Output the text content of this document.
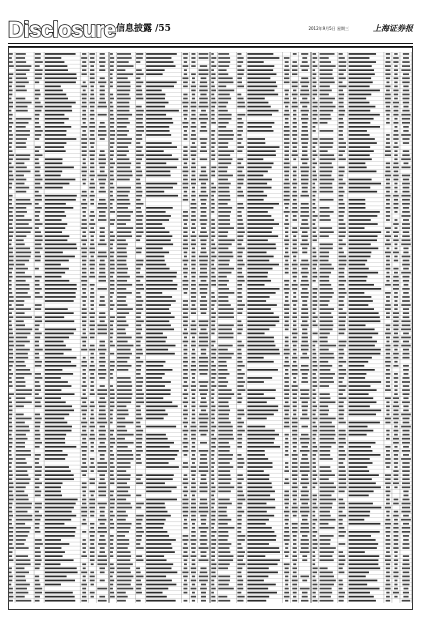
Disclosure 信息披露 /55	2012年9月5日 星期三	上海证券报
